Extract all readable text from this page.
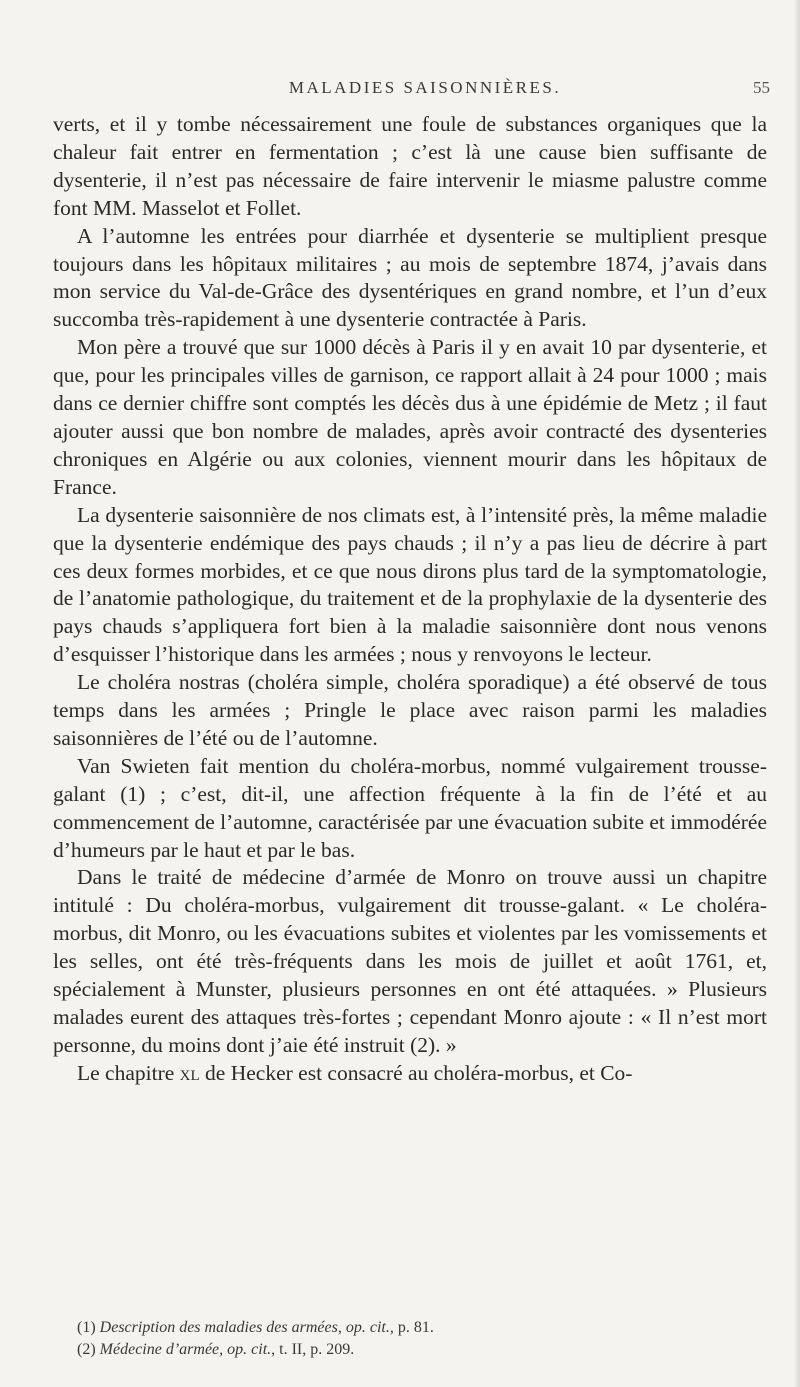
MALADIES SAISONNIÈRES.	55

verts, et il y tombe nécessairement une foule de substances organiques que la chaleur fait entrer en fermentation ; c’est là une cause bien suffisante de dysenterie, il n’est pas nécessaire de faire intervenir le miasme palustre comme font MM. Masselot et Follet.

A l’automne les entrées pour diarrhée et dysenterie se multiplient presque toujours dans les hôpitaux militaires ; au mois de septembre 1874, j’avais dans mon service du Val-de-Grâce des dysentériques en grand nombre, et l’un d’eux succomba très-rapidement à une dysenterie contractée à Paris.

Mon père a trouvé que sur 1000 décès à Paris il y en avait 10 par dysenterie, et que, pour les principales villes de garnison, ce rapport allait à 24 pour 1000 ; mais dans ce dernier chiffre sont comptés les décès dus à une épidémie de Metz ; il faut ajouter aussi que bon nombre de malades, après avoir contracté des dysenteries chroniques en Algérie ou aux colonies, viennent mourir dans les hôpitaux de France.

La dysenterie saisonnière de nos climats est, à l’intensité près, la même maladie que la dysenterie endémique des pays chauds ; il n’y a pas lieu de décrire à part ces deux formes morbides, et ce que nous dirons plus tard de la symptomatologie, de l’anatomie pathologique, du traitement et de la prophylaxie de la dysenterie des pays chauds s’appliquera fort bien à la maladie saisonnière dont nous venons d’esquisser l’historique dans les armées ; nous y renvoyons le lecteur.

Le choléra nostras (choléra simple, choléra sporadique) a été observé de tous temps dans les armées ; Pringle le place avec raison parmi les maladies saisonnières de l’été ou de l’automne.

Van Swieten fait mention du choléra-morbus, nommé vulgairement trousse-galant (1) ; c’est, dit-il, une affection fréquente à la fin de l’été et au commencement de l’automne, caractérisée par une évacuation subite et immodérée d’humeurs par le haut et par le bas.

Dans le traité de médecine d’armée de Monro on trouve aussi un chapitre intitulé : Du choléra-morbus, vulgairement dit trousse-galant. « Le choléra-morbus, dit Monro, ou les évacuations subites et violentes par les vomissements et les selles, ont été très-fréquents dans les mois de juillet et août 1761, et, spécialement à Munster, plusieurs personnes en ont été attaquées. » Plusieurs malades eurent des attaques très-fortes ; cependant Monro ajoute : « Il n’est mort personne, du moins dont j’aie été instruit (2). »

Le chapitre xl de Hecker est consacré au choléra-morbus, et Co-

(1) Description des maladies des armées, op. cit., p. 81.

(2) Médecine d’armée, op. cit., t. II, p. 209.
